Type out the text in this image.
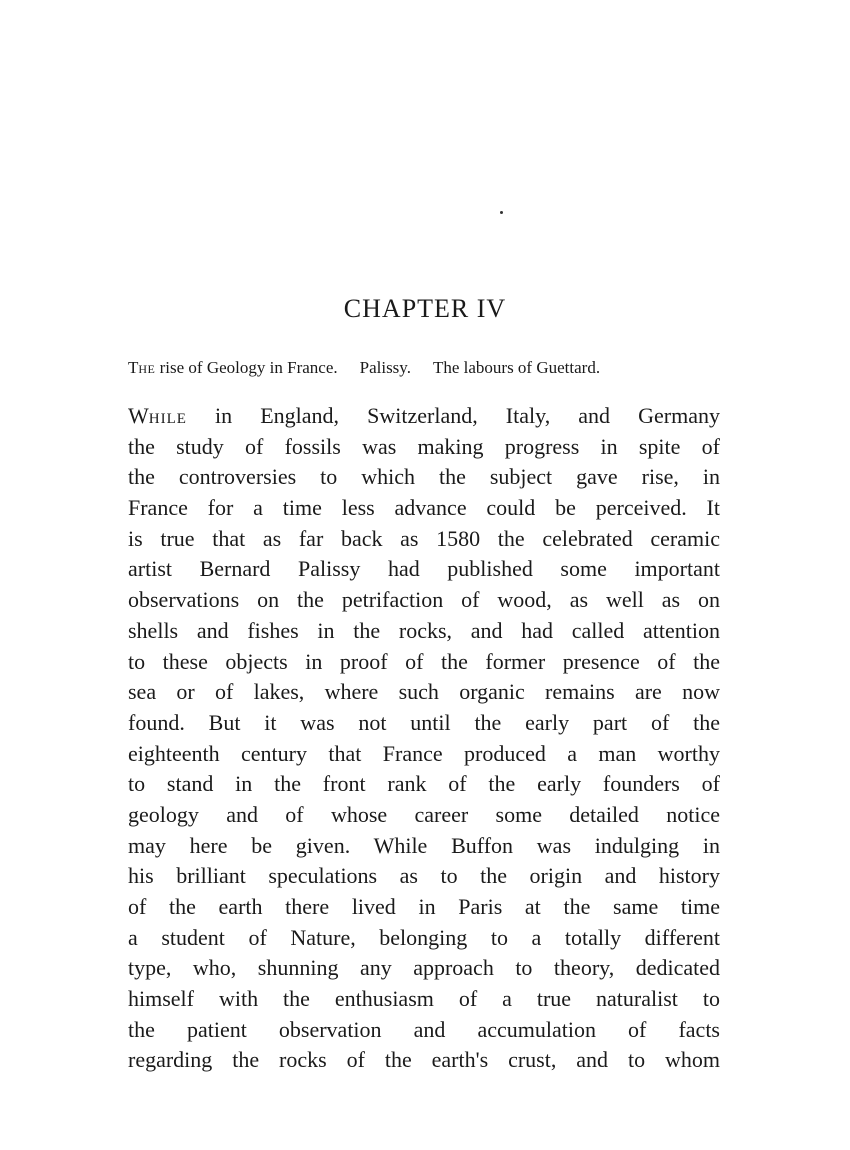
CHAPTER IV
THE rise of Geology in France. Palissy. The labours of Guettard.
WHILE in England, Switzerland, Italy, and Germany
the study of fossils was making progress in spite of
the controversies to which the subject gave rise, in
France for a time less advance could be perceived. It
is true that as far back as 1580 the celebrated ceramic
artist Bernard Palissy had published some important
observations on the petrifaction of wood, as well as on
shells and fishes in the rocks, and had called attention
to these objects in proof of the former presence of the
sea or of lakes, where such organic remains are now
found. But it was not until the early part of the
eighteenth century that France produced a man worthy
to stand in the front rank of the early founders of
geology and of whose career some detailed notice
may here be given. While Buffon was indulging in
his brilliant speculations as to the origin and history
of the earth there lived in Paris at the same time
a student of Nature, belonging to a totally different
type, who, shunning any approach to theory, dedicated
himself with the enthusiasm of a true naturalist to
the patient observation and accumulation of facts
regarding the rocks of the earth's crust, and to whom
